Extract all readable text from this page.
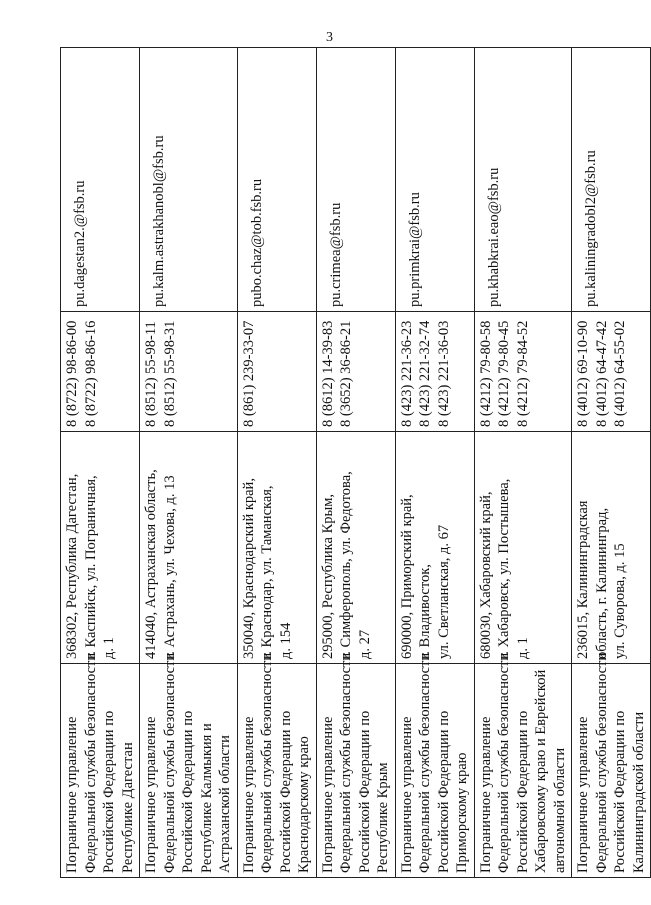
3
Пограничное управление Федеральной службы безопасности Российской Федерации по Республике Дагестан	368302, Республика Дагестан, г. Каспийск, ул. Пограничная, д. 1	8 (8722) 98-86-00 8 (8722) 98-86-16	pu.dagestan2.@fsb.ru

Пограничное управление Федеральной службы безопасности Российской Федерации по Республике Калмыкия и Астраханской области	414040, Астраханская область, г. Астрахань, ул. Чехова, д. 13	8 (8512) 55-98-11 8 (8512) 55-98-31	pu.kalm.astrakhanobl@fsb.ru

Пограничное управление Федеральной службы безопасности Российской Федерации по Краснодарскому краю	350040, Краснодарский край, г. Краснодар, ул. Таманская, д. 154	8 (861) 239-33-07	pubo.chaz@tob.fsb.ru

Пограничное управление Федеральной службы безопасности Российской Федерации по Республике Крым	295000, Республика Крым, г. Симферополь, ул. Федотова, д. 27	8 (8612) 14-39-83 8 (3652) 36-86-21	pu.crimea@fsb.ru

Пограничное управление Федеральной службы безопасности Российской Федерации по Приморскому краю	690000, Приморский край, г. Владивосток, ул. Светланская, д. 67	8 (423) 221-36-23 8 (423) 221-32-74 8 (423) 221-36-03	pu.primkrai@fsb.ru

Пограничное управление Федеральной службы безопасности Российской Федерации по Хабаровскому краю и Еврейской автономной области	680030, Хабаровский край, г. Хабаровск, ул. Постышева, д. 1	8 (4212) 79-80-58 8 (4212) 79-80-45 8 (4212) 79-84-52	pu.khabkrai.eao@fsb.ru

Пограничное управление Федеральной службы безопасности Российской Федерации по Калининградской области	236015, Калининградская область, г. Калининград, ул. Суворова, д. 15	8 (4012) 69-10-90 8 (4012) 64-47-42 8 (4012) 64-55-02	pu.kaliningradobl2@fsb.ru
